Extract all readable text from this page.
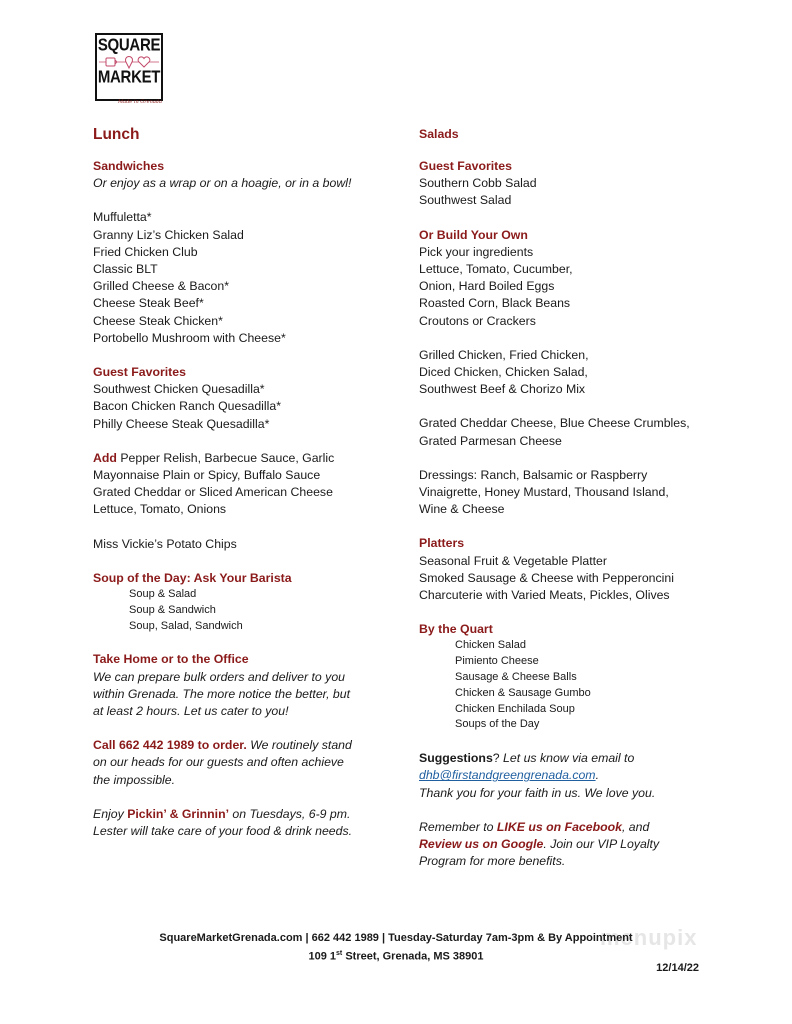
SQUARE
MARKET
Made in Grenada
Lunch
Sandwiches
Or enjoy as a wrap or on a hoagie, or in a bowl!
Muffuletta*
Granny Liz’s Chicken Salad
Fried Chicken Club
Classic BLT
Grilled Cheese & Bacon*
Cheese Steak Beef*
Cheese Steak Chicken*
Portobello Mushroom with Cheese*
Guest Favorites
Southwest Chicken Quesadilla*
Bacon Chicken Ranch Quesadilla*
Philly Cheese Steak Quesadilla*
Add Pepper Relish, Barbecue Sauce, Garlic
Mayonnaise Plain or Spicy, Buffalo Sauce
Grated Cheddar or Sliced American Cheese
Lettuce, Tomato, Onions
Miss Vickie’s Potato Chips
Soup of the Day: Ask Your Barista
Soup & Salad
Soup & Sandwich
Soup, Salad, Sandwich
Take Home or to the Office
We can prepare bulk orders and deliver to you
within Grenada. The more notice the better, but
at least 2 hours. Let us cater to you!
Call 662 442 1989 to order. We routinely stand
on our heads for our guests and often achieve
the impossible.
Enjoy Pickin’ & Grinnin’ on Tuesdays, 6-9 pm.
Lester will take care of your food & drink needs.
Salads
Guest Favorites
Southern Cobb Salad
Southwest Salad
Or Build Your Own
Pick your ingredients
Lettuce, Tomato, Cucumber,
Onion, Hard Boiled Eggs
Roasted Corn, Black Beans
Croutons or Crackers
Grilled Chicken, Fried Chicken,
Diced Chicken, Chicken Salad,
Southwest Beef & Chorizo Mix
Grated Cheddar Cheese, Blue Cheese Crumbles,
Grated Parmesan Cheese
Dressings: Ranch, Balsamic or Raspberry
Vinaigrette, Honey Mustard, Thousand Island,
Wine & Cheese
Platters
Seasonal Fruit & Vegetable Platter
Smoked Sausage & Cheese with Pepperoncini
Charcuterie with Varied Meats, Pickles, Olives
By the Quart
Chicken Salad
Pimiento Cheese
Sausage & Cheese Balls
Chicken & Sausage Gumbo
Chicken Enchilada Soup
Soups of the Day
Suggestions? Let us know via email to
dhb@firstandgreengrenada.com.
Thank you for your faith in us. We love you.
Remember to LIKE us on Facebook, and
Review us on Google. Join our VIP Loyalty
Program for more benefits.
menupix
SquareMarketGrenada.com | 662 442 1989 | Tuesday-Saturday 7am-3pm & By Appointment
109 1st Street, Grenada, MS 38901
12/14/22
